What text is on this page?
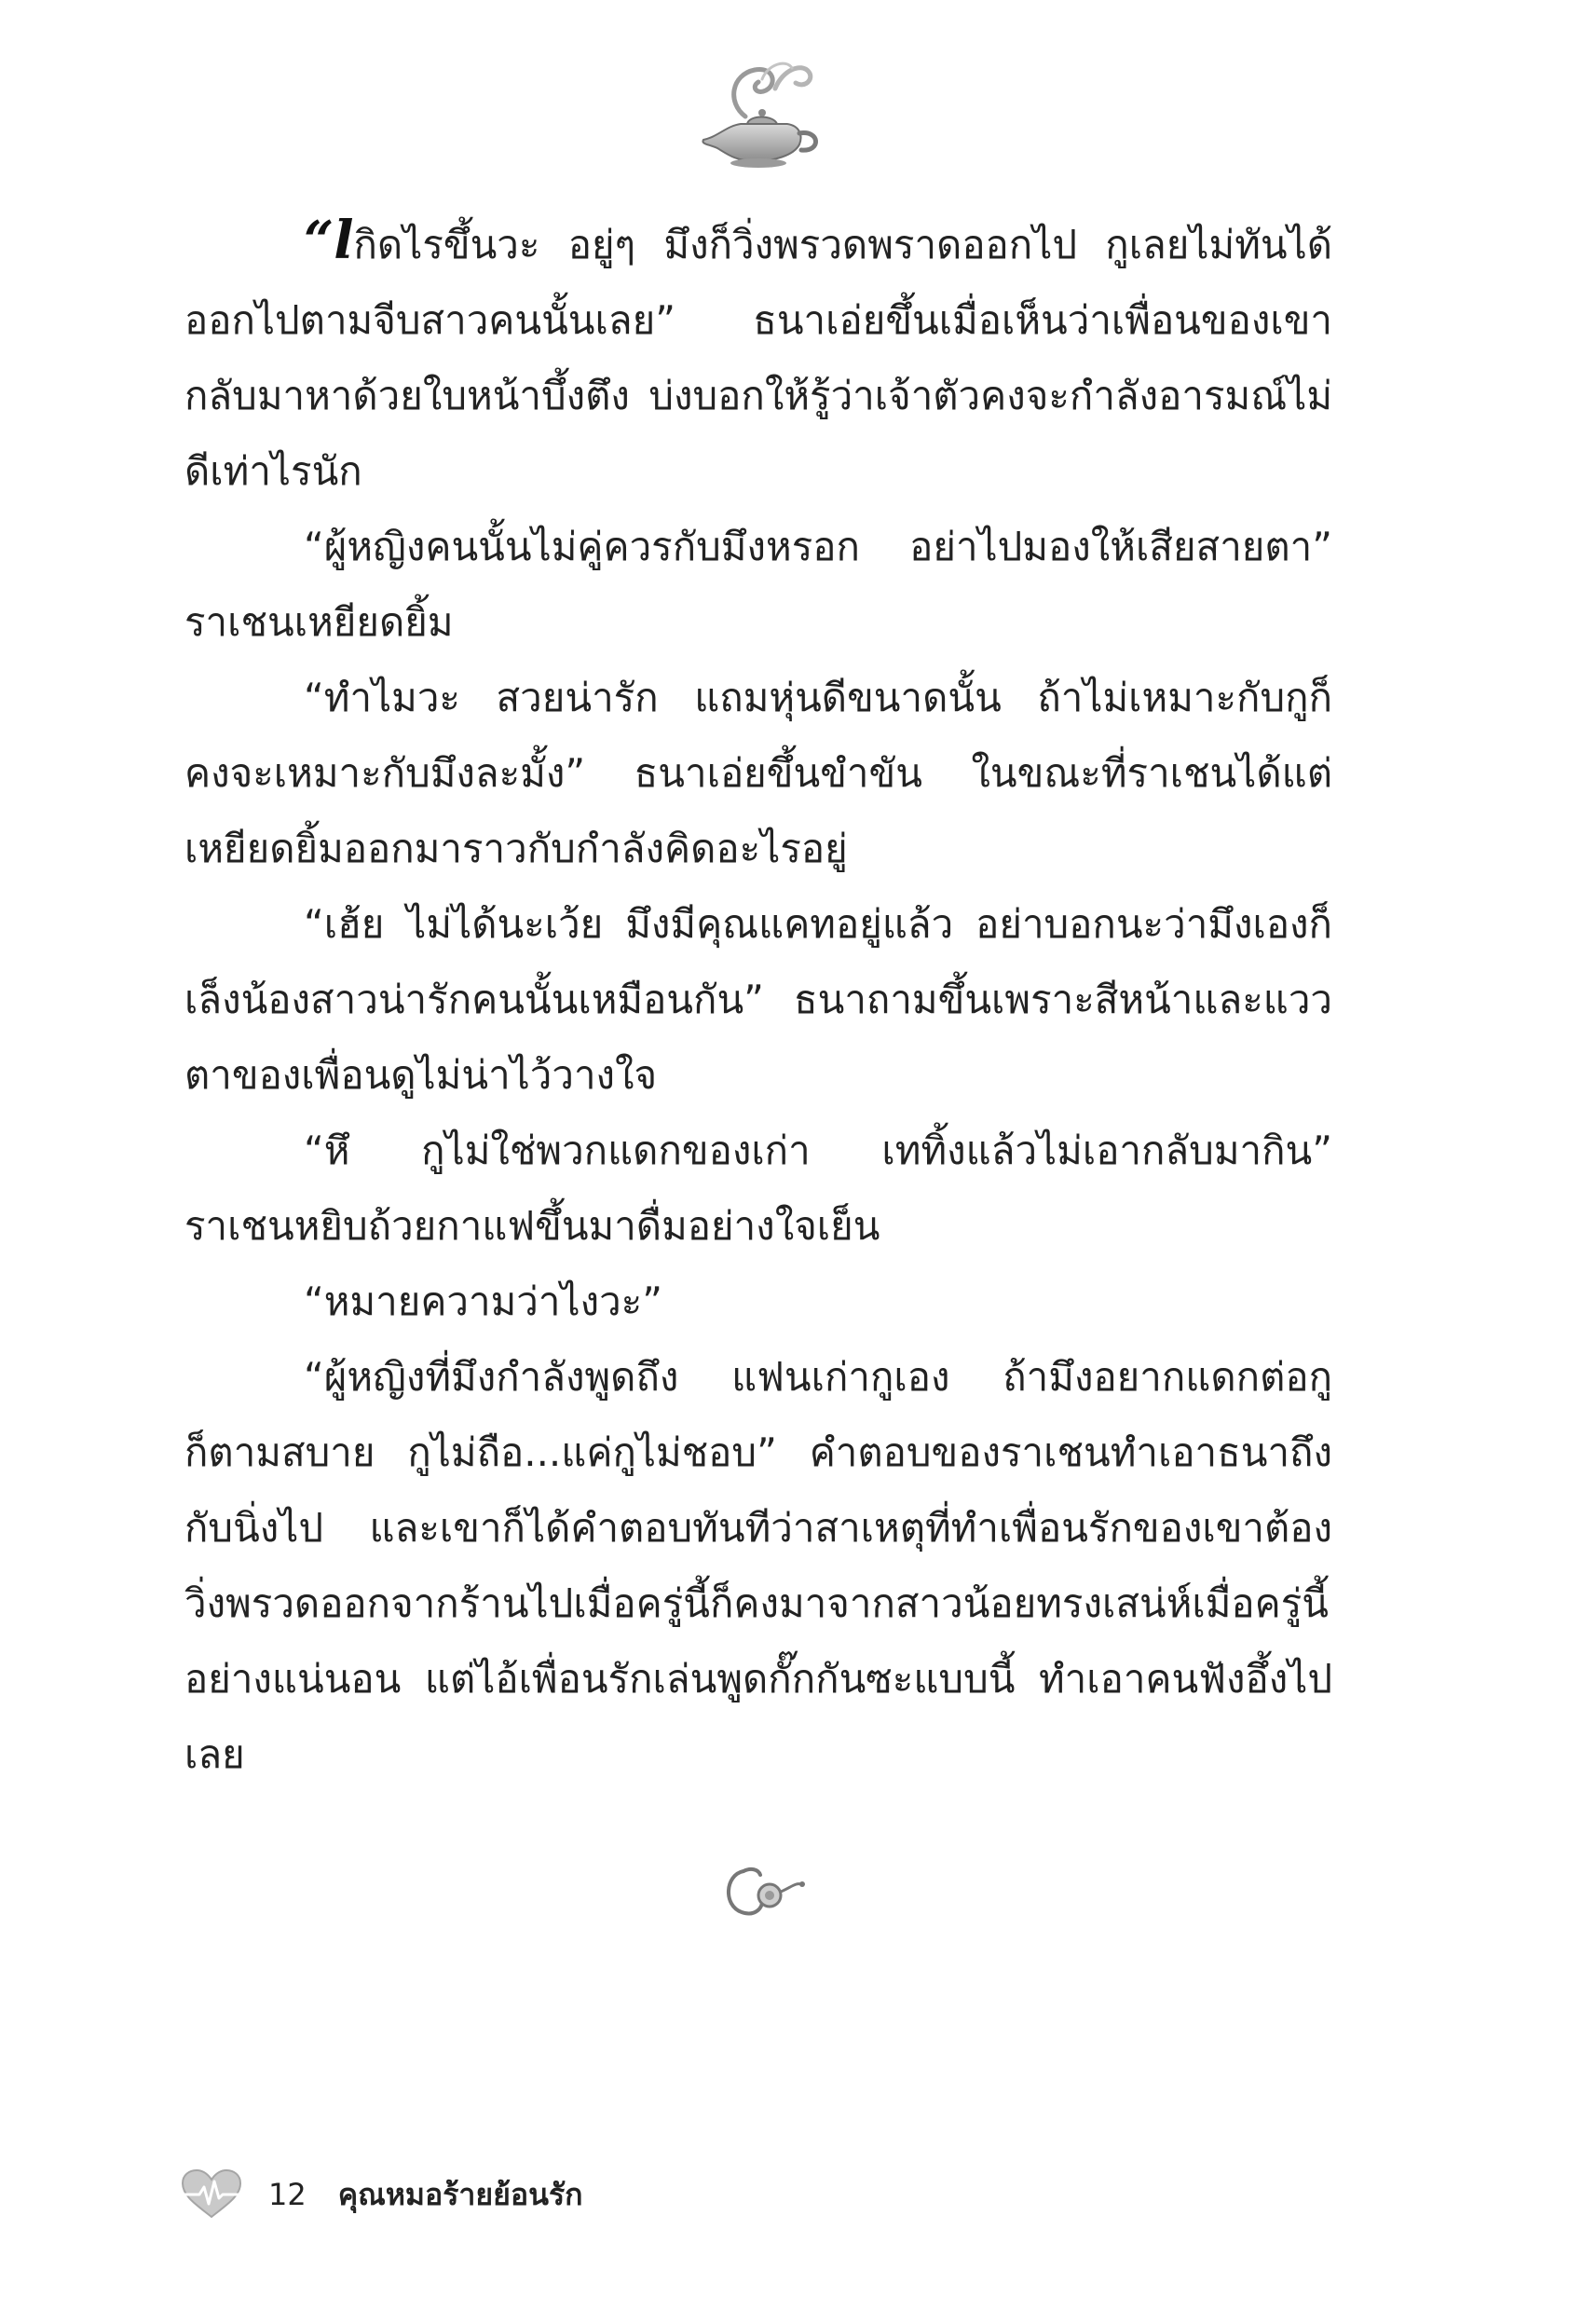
“lกิดไรขึ้นวะ อยู่ๆ มึงก็วิ่งพรวดพราดออกไป กูเลยไม่ทันได้ออกไปตามจีบสาวคนนั้นเลย” ธนาเอ่ยขึ้นเมื่อเห็นว่าเพื่อนของเขากลับมาหาด้วยใบหน้าบึ้งตึง บ่งบอกให้รู้ว่าเจ้าตัวคงจะกำลังอารมณ์ไม่ดีเท่าไรนัก

“ผู้หญิงคนนั้นไม่คู่ควรกับมึงหรอก อย่าไปมองให้เสียสายตา” ราเชนเหยียดยิ้ม

“ทำไมวะ สวยน่ารัก แถมหุ่นดีขนาดนั้น ถ้าไม่เหมาะกับกูก็คงจะเหมาะกับมึงละมั้ง” ธนาเอ่ยขึ้นขำขัน ในขณะที่ราเชนได้แต่เหยียดยิ้มออกมาราวกับกำลังคิดอะไรอยู่

“เฮ้ย ไม่ได้นะเว้ย มึงมีคุณแคทอยู่แล้ว อย่าบอกนะว่ามึงเองก็เล็งน้องสาวน่ารักคนนั้นเหมือนกัน” ธนาถามขึ้นเพราะสีหน้าและแววตาของเพื่อนดูไม่น่าไว้วางใจ

“หึ กูไม่ใช่พวกแดกของเก่า เททิ้งแล้วไม่เอากลับมากิน” ราเชนหยิบถ้วยกาแฟขึ้นมาดื่มอย่างใจเย็น

“หมายความว่าไงวะ”

“ผู้หญิงที่มึงกำลังพูดถึง แฟนเก่ากูเอง ถ้ามึงอยากแดกต่อกูก็ตามสบาย กูไม่ถือ...แค่กูไม่ชอบ” คำตอบของราเชนทำเอาธนาถึงกับนิ่งไป และเขาก็ได้คำตอบทันทีว่าสาเหตุที่ทำเพื่อนรักของเขาต้องวิ่งพรวดออกจากร้านไปเมื่อครู่นี้ก็คงมาจากสาวน้อยทรงเสน่ห์เมื่อครู่นี้อย่างแน่นอน แต่ไอ้เพื่อนรักเล่นพูดกั๊กกันซะแบบนี้ ทำเอาคนฟังอึ้งไปเลย

12 คุณหมอร้ายย้อนรัก
